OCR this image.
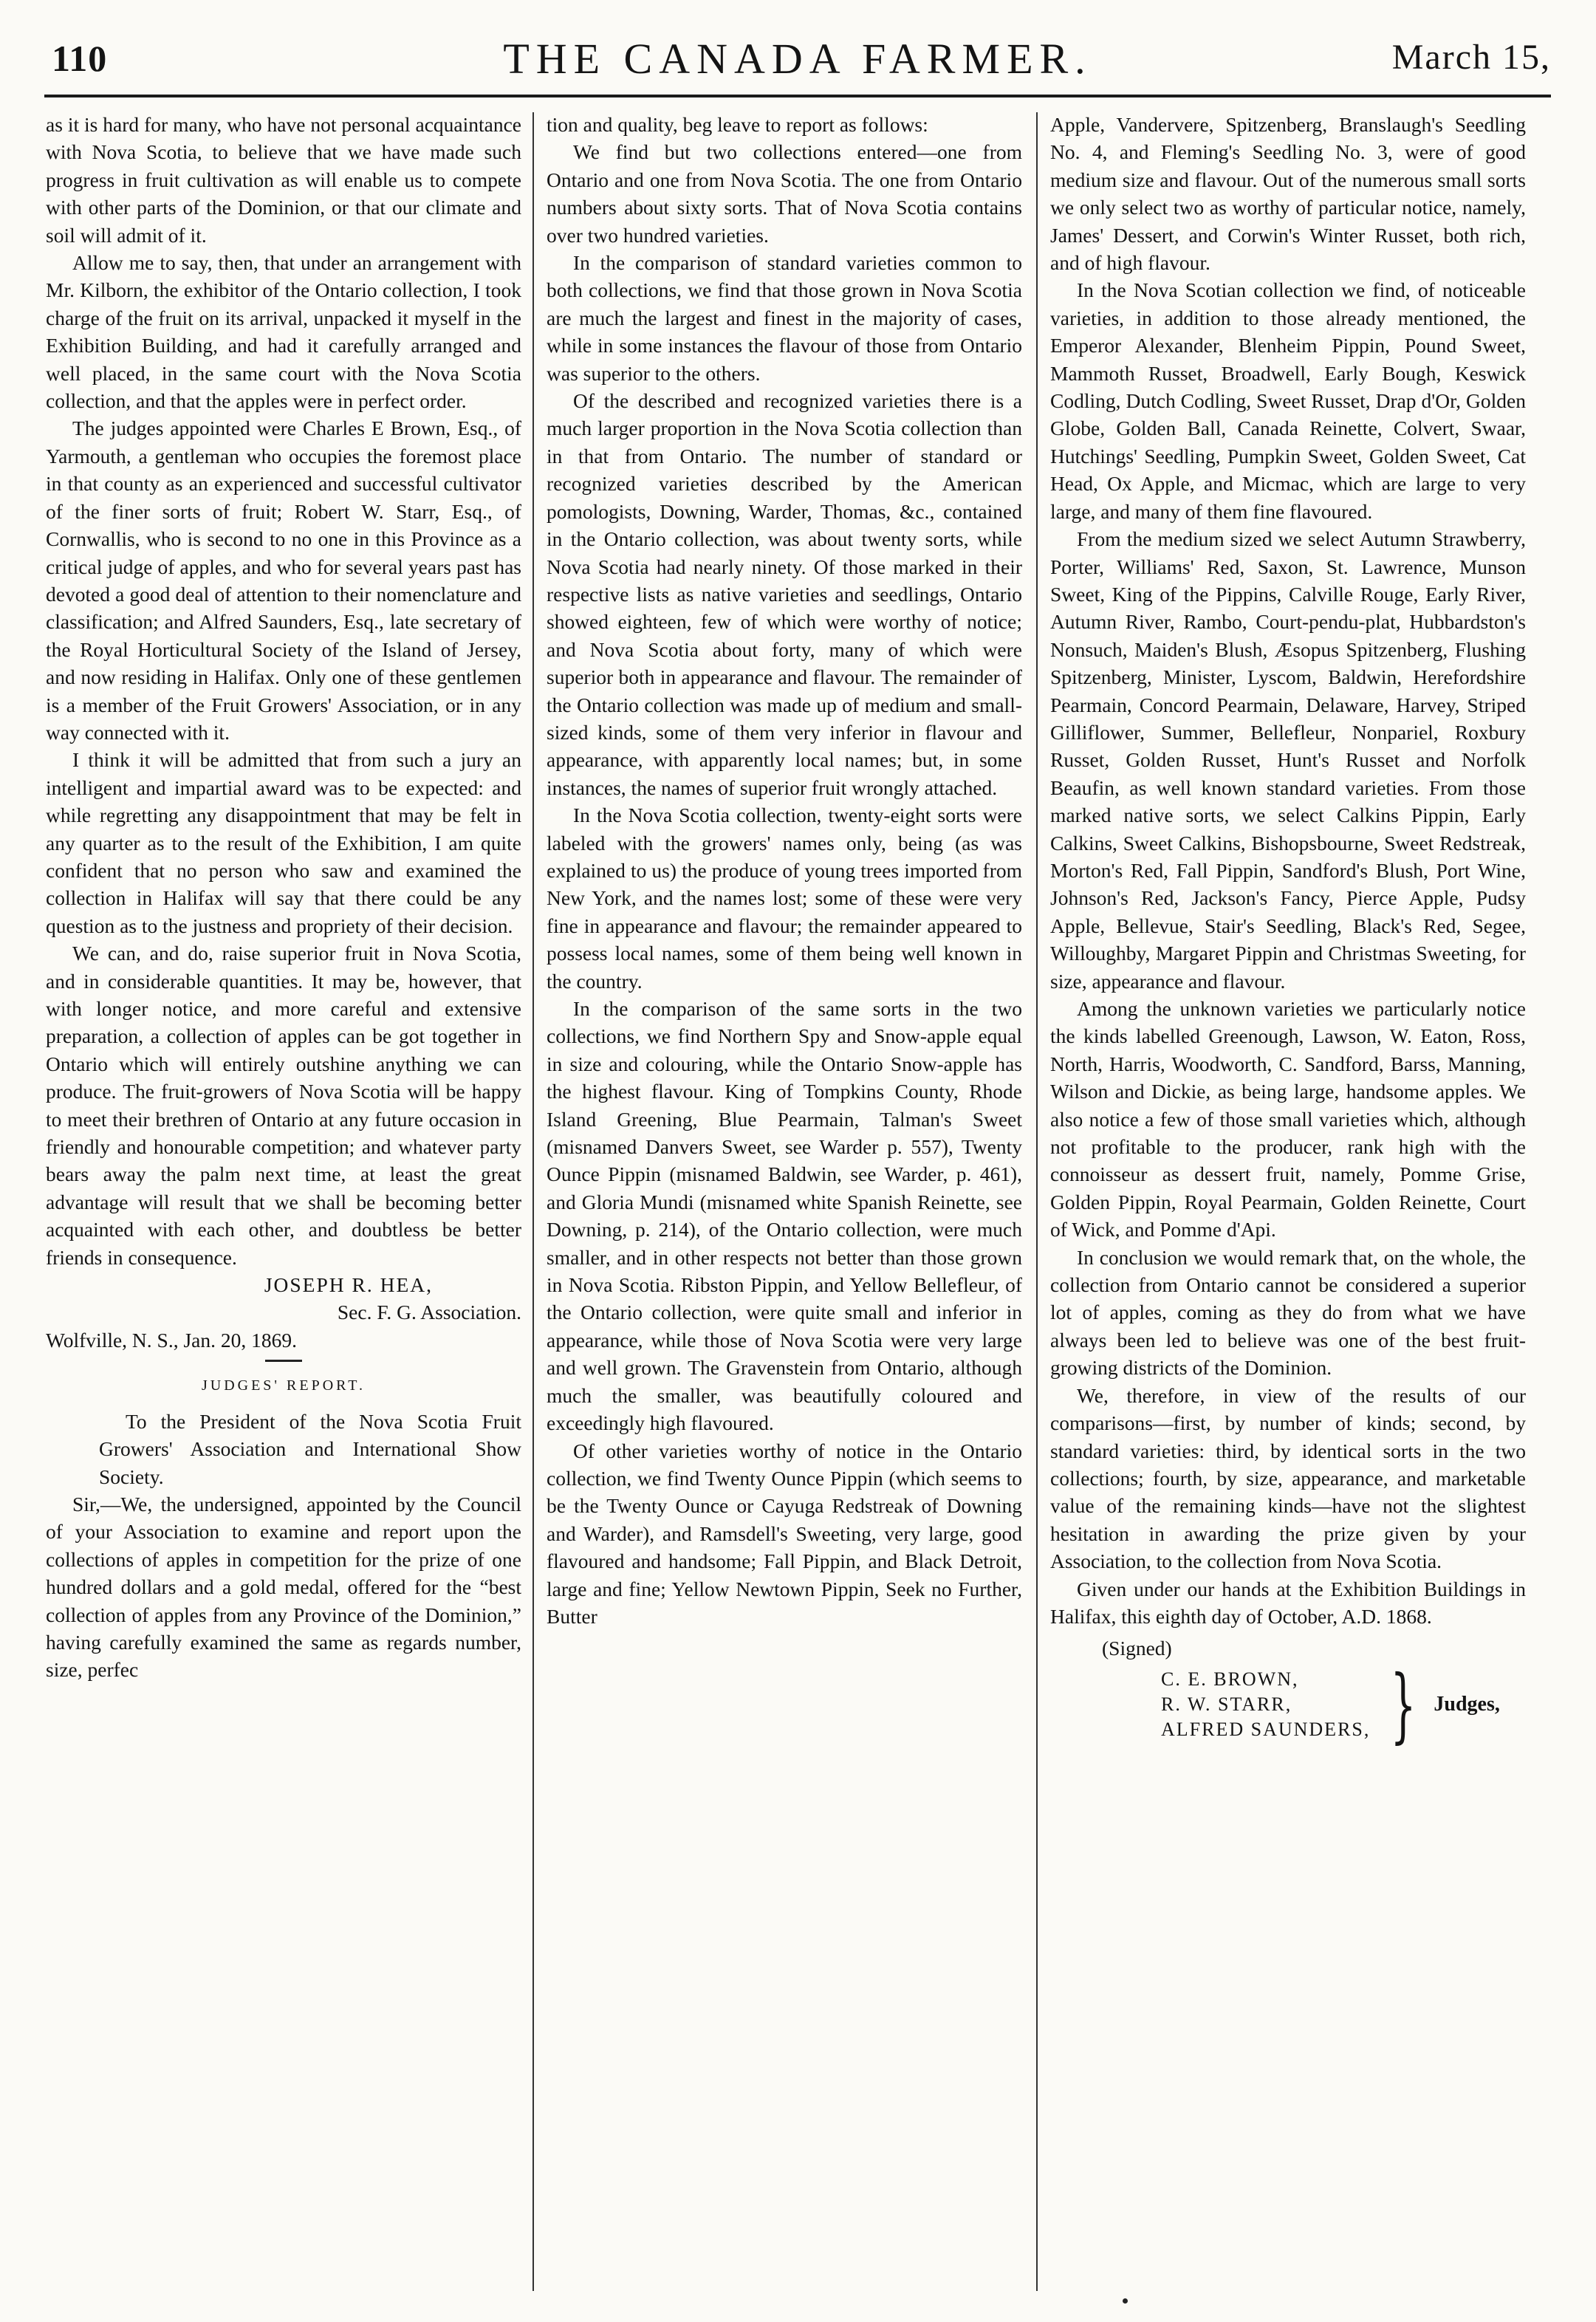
110	THE CANADA FARMER.	March 15,

as it is hard for many, who have not personal acquaintance with Nova Scotia, to believe that we have made such progress in fruit cultivation as will enable us to compete with other parts of the Dominion, or that our climate and soil will admit of it.

Allow me to say, then, that under an arrangement with Mr. Kilborn, the exhibitor of the Ontario collection, I took charge of the fruit on its arrival, unpacked it myself in the Exhibition Building, and had it carefully arranged and well placed, in the same court with the Nova Scotia collection, and that the apples were in perfect order.

The judges appointed were Charles E Brown, Esq., of Yarmouth, a gentleman who occupies the foremost place in that county as an experienced and successful cultivator of the finer sorts of fruit; Robert W. Starr, Esq., of Cornwallis, who is second to no one in this Province as a critical judge of apples, and who for several years past has devoted a good deal of attention to their nomenclature and classification; and Alfred Saunders, Esq., late secretary of the Royal Horticultural Society of the Island of Jersey, and now residing in Halifax. Only one of these gentlemen is a member of the Fruit Growers' Association, or in any way connected with it.

I think it will be admitted that from such a jury an intelligent and impartial award was to be expected: and while regretting any disappointment that may be felt in any quarter as to the result of the Exhibition, I am quite confident that no person who saw and examined the collection in Halifax will say that there could be any question as to the justness and propriety of their decision.

We can, and do, raise superior fruit in Nova Scotia, and in considerable quantities. It may be, however, that with longer notice, and more careful and extensive preparation, a collection of apples can be got together in Ontario which will entirely outshine anything we can produce. The fruit-growers of Nova Scotia will be happy to meet their brethren of Ontario at any future occasion in friendly and honourable competition; and whatever party bears away the palm next time, at least the great advantage will result that we shall be becoming better acquainted with each other, and doubtless be better friends in consequence.

JOSEPH R. HEA,

Sec. F. G. Association.

Wolfville, N. S., Jan. 20, 1869.

JUDGES' REPORT.

To the President of the Nova Scotia Fruit Growers' Association and International Show Society.

Sir,—We, the undersigned, appointed by the Council of your Association to examine and report upon the collections of apples in competition for the prize of one hundred dollars and a gold medal, offered for the “best collection of apples from any Province of the Dominion,” having carefully examined the same as regards number, size, perfec

tion and quality, beg leave to report as follows:

We find but two collections entered—one from Ontario and one from Nova Scotia. The one from Ontario numbers about sixty sorts. That of Nova Scotia contains over two hundred varieties.

In the comparison of standard varieties common to both collections, we find that those grown in Nova Scotia are much the largest and finest in the majority of cases, while in some instances the flavour of those from Ontario was superior to the others.

Of the described and recognized varieties there is a much larger proportion in the Nova Scotia collection than in that from Ontario. The number of standard or recognized varieties described by the American pomologists, Downing, Warder, Thomas, &c., contained in the Ontario collection, was about twenty sorts, while Nova Scotia had nearly ninety. Of those marked in their respective lists as native varieties and seedlings, Ontario showed eighteen, few of which were worthy of notice; and Nova Scotia about forty, many of which were superior both in appearance and flavour. The remainder of the Ontario collection was made up of medium and small-sized kinds, some of them very inferior in flavour and appearance, with apparently local names; but, in some instances, the names of superior fruit wrongly attached.

In the Nova Scotia collection, twenty-eight sorts were labeled with the growers' names only, being (as was explained to us) the produce of young trees imported from New York, and the names lost; some of these were very fine in appearance and flavour; the remainder appeared to possess local names, some of them being well known in the country.

In the comparison of the same sorts in the two collections, we find Northern Spy and Snow-apple equal in size and colouring, while the Ontario Snow-apple has the highest flavour. King of Tompkins County, Rhode Island Greening, Blue Pearmain, Talman's Sweet (misnamed Danvers Sweet, see Warder p. 557), Twenty Ounce Pippin (misnamed Baldwin, see Warder, p. 461), and Gloria Mundi (misnamed white Spanish Reinette, see Downing, p. 214), of the Ontario collection, were much smaller, and in other respects not better than those grown in Nova Scotia. Ribston Pippin, and Yellow Bellefleur, of the Ontario collection, were quite small and inferior in appearance, while those of Nova Scotia were very large and well grown. The Gravenstein from Ontario, although much the smaller, was beautifully coloured and exceedingly high flavoured.

Of other varieties worthy of notice in the Ontario collection, we find Twenty Ounce Pippin (which seems to be the Twenty Ounce or Cayuga Redstreak of Downing and Warder), and Ramsdell's Sweeting, very large, good flavoured and handsome; Fall Pippin, and Black Detroit, large and fine; Yellow Newtown Pippin, Seek no Further, Butter

Apple, Vandervere, Spitzenberg, Branslaugh's Seedling No. 4, and Fleming's Seedling No. 3, were of good medium size and flavour. Out of the numerous small sorts we only select two as worthy of particular notice, namely, James' Dessert, and Corwin's Winter Russet, both rich, and of high flavour.

In the Nova Scotian collection we find, of noticeable varieties, in addition to those already mentioned, the Emperor Alexander, Blenheim Pippin, Pound Sweet, Mammoth Russet, Broadwell, Early Bough, Keswick Codling, Dutch Codling, Sweet Russet, Drap d'Or, Golden Globe, Golden Ball, Canada Reinette, Colvert, Swaar, Hutchings' Seedling, Pumpkin Sweet, Golden Sweet, Cat Head, Ox Apple, and Micmac, which are large to very large, and many of them fine flavoured.

From the medium sized we select Autumn Strawberry, Porter, Williams' Red, Saxon, St. Lawrence, Munson Sweet, King of the Pippins, Calville Rouge, Early River, Autumn River, Rambo, Court-pendu-plat, Hubbardston's Nonsuch, Maiden's Blush, Æsopus Spitzenberg, Flushing Spitzenberg, Minister, Lyscom, Baldwin, Herefordshire Pearmain, Concord Pearmain, Delaware, Harvey, Striped Gilliflower, Summer, Bellefleur, Nonpariel, Roxbury Russet, Golden Russet, Hunt's Russet and Norfolk Beaufin, as well known standard varieties. From those marked native sorts, we select Calkins Pippin, Early Calkins, Sweet Calkins, Bishopsbourne, Sweet Redstreak, Morton's Red, Fall Pippin, Sandford's Blush, Port Wine, Johnson's Red, Jackson's Fancy, Pierce Apple, Pudsy Apple, Bellevue, Stair's Seedling, Black's Red, Segee, Willoughby, Margaret Pippin and Christmas Sweeting, for size, appearance and flavour.

Among the unknown varieties we particularly notice the kinds labelled Greenough, Lawson, W. Eaton, Ross, North, Harris, Woodworth, C. Sandford, Barss, Manning, Wilson and Dickie, as being large, handsome apples. We also notice a few of those small varieties which, although not profitable to the producer, rank high with the connoisseur as dessert fruit, namely, Pomme Grise, Golden Pippin, Royal Pearmain, Golden Reinette, Court of Wick, and Pomme d'Api.

In conclusion we would remark that, on the whole, the collection from Ontario cannot be considered a superior lot of apples, coming as they do from what we have always been led to believe was one of the best fruit-growing districts of the Dominion.

We, therefore, in view of the results of our comparisons—first, by number of kinds; second, by standard varieties: third, by identical sorts in the two collections; fourth, by size, appearance, and marketable value of the remaining kinds—have not the slightest hesitation in awarding the prize given by your Association, to the collection from Nova Scotia.

Given under our hands at the Exhibition Buildings in Halifax, this eighth day of October, A.D. 1868.

(Signed)
C. E. BROWN,
R. W. STARR,
ALFRED SAUNDERS, } Judges,
